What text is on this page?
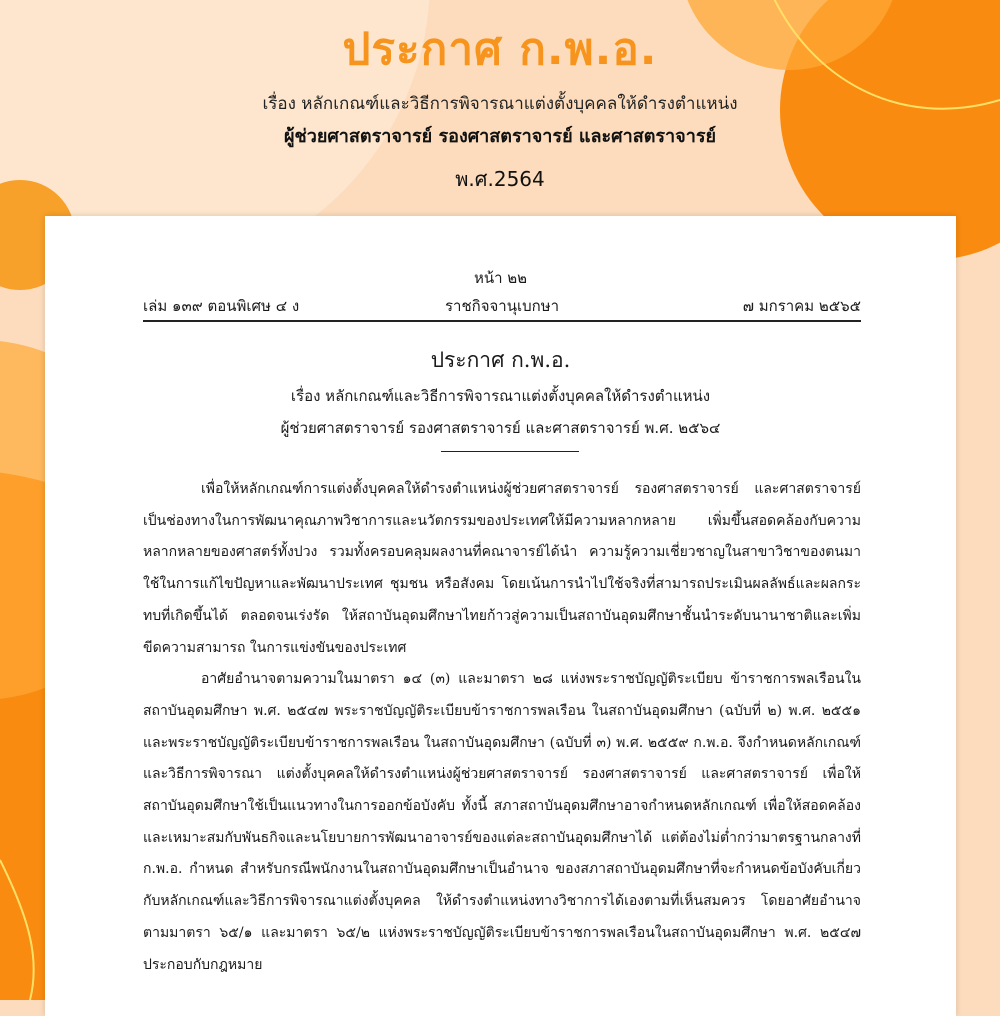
ประกาศ ก.พ.อ.
เรื่อง หลักเกณฑ์และวิธีการพิจารณาแต่งตั้งบุคคลให้ดำรงตำแหน่ง
ผู้ช่วยศาสตราจารย์ รองศาสตราจารย์ และศาสตราจารย์
พ.ศ.2564
หน้า ๒๒
ราชกิจจานุเบกษา
เล่ม ๑๓๙ ตอนพิเศษ ๔ ง	๗ มกราคม ๒๕๖๕
ประกาศ ก.พ.อ.
เรื่อง หลักเกณฑ์และวิธีการพิจารณาแต่งตั้งบุคคลให้ดำรงตำแหน่ง
ผู้ช่วยศาสตราจารย์ รองศาสตราจารย์ และศาสตราจารย์ พ.ศ. ๒๕๖๔

เพื่อให้หลักเกณฑ์การแต่งตั้งบุคคลให้ดำรงตำแหน่งผู้ช่วยศาสตราจารย์ รองศาสตราจารย์ และศาสตราจารย์ เป็นช่องทางในการพัฒนาคุณภาพวิชาการและนวัตกรรมของประเทศให้มีความหลากหลาย เพิ่มขึ้นสอดคล้องกับความหลากหลายของศาสตร์ทั้งปวง รวมทั้งครอบคลุมผลงานที่คณาจารย์ได้นำ ความรู้ความเชี่ยวชาญในสาขาวิชาของตนมาใช้ในการแก้ไขปัญหาและพัฒนาประเทศ ชุมชน หรือสังคม โดยเน้นการนำไปใช้จริงที่สามารถประเมินผลลัพธ์และผลกระทบที่เกิดขึ้นได้ ตลอดจนเร่งรัด ให้สถาบันอุดมศึกษาไทยก้าวสู่ความเป็นสถาบันอุดมศึกษาชั้นนำระดับนานาชาติและเพิ่มขีดความสามารถ ในการแข่งขันของประเทศ

อาศัยอำนาจตามความในมาตรา ๑๔ (๓) และมาตรา ๒๘ แห่งพระราชบัญญัติระเบียบ ข้าราชการพลเรือนในสถาบันอุดมศึกษา พ.ศ. ๒๕๔๗ พระราชบัญญัติระเบียบข้าราชการพลเรือน ในสถาบันอุดมศึกษา (ฉบับที่ ๒) พ.ศ. ๒๕๕๑ และพระราชบัญญัติระเบียบข้าราชการพลเรือน ในสถาบันอุดมศึกษา (ฉบับที่ ๓) พ.ศ. ๒๕๕๙ ก.พ.อ. จึงกำหนดหลักเกณฑ์และวิธีการพิจารณา แต่งตั้งบุคคลให้ดำรงตำแหน่งผู้ช่วยศาสตราจารย์ รองศาสตราจารย์ และศาสตราจารย์ เพื่อให้ สถาบันอุดมศึกษาใช้เป็นแนวทางในการออกข้อบังคับ ทั้งนี้ สภาสถาบันอุดมศึกษาอาจกำหนดหลักเกณฑ์ เพื่อให้สอดคล้องและเหมาะสมกับพันธกิจและนโยบายการพัฒนาอาจารย์ของแต่ละสถาบันอุดมศึกษาได้ แต่ต้องไม่ต่ำกว่ามาตรฐานกลางที่ ก.พ.อ. กำหนด สำหรับกรณีพนักงานในสถาบันอุดมศึกษาเป็นอำนาจ ของสภาสถาบันอุดมศึกษาที่จะกำหนดข้อบังคับเกี่ยวกับหลักเกณฑ์และวิธีการพิจารณาแต่งตั้งบุคคล ให้ดำรงตำแหน่งทางวิชาการได้เองตามที่เห็นสมควร โดยอาศัยอำนาจตามมาตรา ๖๕/๑ และมาตรา ๖๕/๒ แห่งพระราชบัญญัติระเบียบข้าราชการพลเรือนในสถาบันอุดมศึกษา พ.ศ. ๒๕๔๗ ประกอบกับกฎหมาย
